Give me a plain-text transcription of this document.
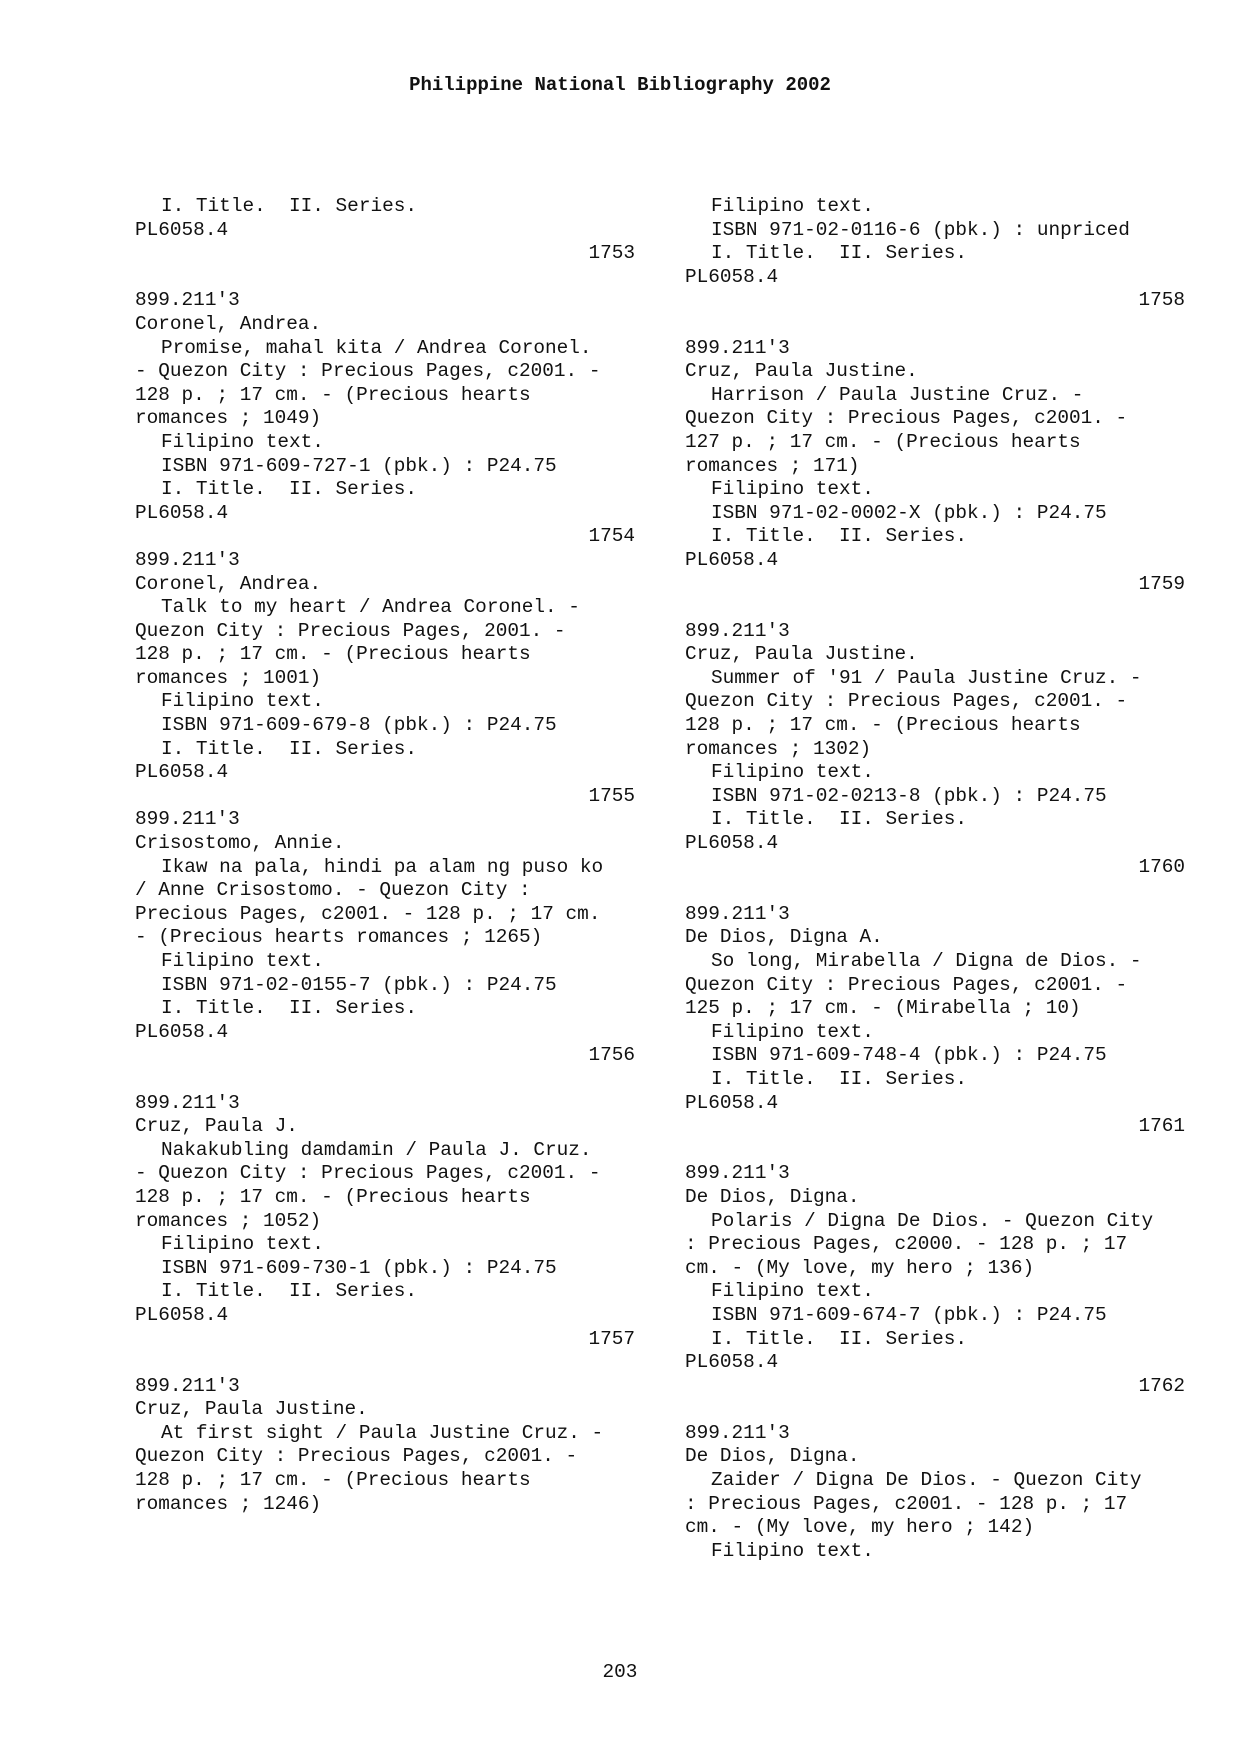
Philippine National Bibliography 2002
I. Title.  II. Series.
PL6058.4
1753
899.211'3
Coronel, Andrea.
Promise, mahal kita / Andrea Coronel.
- Quezon City : Precious Pages, c2001. -
128 p. ; 17 cm. - (Precious hearts
romances ; 1049)
Filipino text.
ISBN 971-609-727-1 (pbk.) : P24.75
I. Title.  II. Series.
PL6058.4
1754
899.211'3
Coronel, Andrea.
Talk to my heart / Andrea Coronel. -
Quezon City : Precious Pages, 2001. -
128 p. ; 17 cm. - (Precious hearts
romances ; 1001)
Filipino text.
ISBN 971-609-679-8 (pbk.) : P24.75
I. Title.  II. Series.
PL6058.4
1755
899.211'3
Crisostomo, Annie.
Ikaw na pala, hindi pa alam ng puso ko
/ Anne Crisostomo. - Quezon City :
Precious Pages, c2001. - 128 p. ; 17 cm.
- (Precious hearts romances ; 1265)
Filipino text.
ISBN 971-02-0155-7 (pbk.) : P24.75
I. Title.  II. Series.
PL6058.4
1756
899.211'3
Cruz, Paula J.
Nakakubling damdamin / Paula J. Cruz.
- Quezon City : Precious Pages, c2001. -
128 p. ; 17 cm. - (Precious hearts
romances ; 1052)
Filipino text.
ISBN 971-609-730-1 (pbk.) : P24.75
I. Title.  II. Series.
PL6058.4
1757
899.211'3
Cruz, Paula Justine.
At first sight / Paula Justine Cruz. -
Quezon City : Precious Pages, c2001. -
128 p. ; 17 cm. - (Precious hearts
romances ; 1246)
Filipino text.
ISBN 971-02-0116-6 (pbk.) : unpriced
I. Title.  II. Series.
PL6058.4
1758
899.211'3
Cruz, Paula Justine.
Harrison / Paula Justine Cruz. -
Quezon City : Precious Pages, c2001. -
127 p. ; 17 cm. - (Precious hearts
romances ; 171)
Filipino text.
ISBN 971-02-0002-X (pbk.) : P24.75
I. Title.  II. Series.
PL6058.4
1759
899.211'3
Cruz, Paula Justine.
Summer of '91 / Paula Justine Cruz. -
Quezon City : Precious Pages, c2001. -
128 p. ; 17 cm. - (Precious hearts
romances ; 1302)
Filipino text.
ISBN 971-02-0213-8 (pbk.) : P24.75
I. Title.  II. Series.
PL6058.4
1760
899.211'3
De Dios, Digna A.
So long, Mirabella / Digna de Dios. -
Quezon City : Precious Pages, c2001. -
125 p. ; 17 cm. - (Mirabella ; 10)
Filipino text.
ISBN 971-609-748-4 (pbk.) : P24.75
I. Title.  II. Series.
PL6058.4
1761
899.211'3
De Dios, Digna.
Polaris / Digna De Dios. - Quezon City
: Precious Pages, c2000. - 128 p. ; 17
cm. - (My love, my hero ; 136)
Filipino text.
ISBN 971-609-674-7 (pbk.) : P24.75
I. Title.  II. Series.
PL6058.4
1762
899.211'3
De Dios, Digna.
Zaider / Digna De Dios. - Quezon City
: Precious Pages, c2001. - 128 p. ; 17
cm. - (My love, my hero ; 142)
Filipino text.
203
